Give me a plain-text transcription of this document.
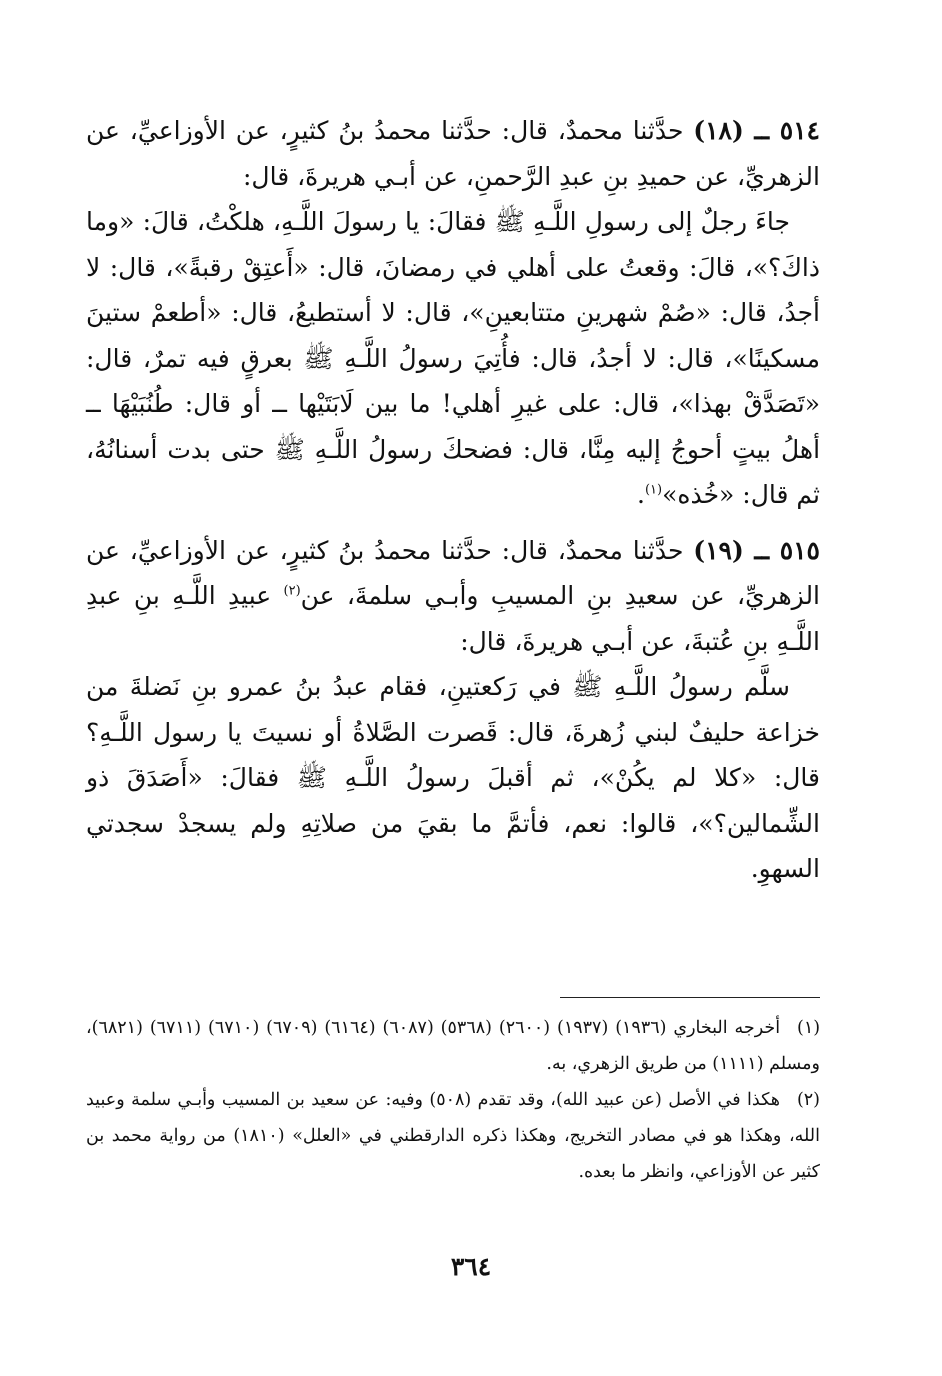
٥١٤ ــ (١٨) حدَّثنا محمدٌ، قال: حدَّثنا محمدُ بنُ كثيرٍ، عن الأوزاعيِّ، عن الزهريِّ، عن حميدِ بنِ عبدِ الرَّحمنِ، عن أبـي هريرةَ، قال:
جاءَ رجلٌ إلى رسولِ اللَّـهِ ﷺ فقالَ: يا رسولَ اللَّـهِ، هلكْتُ، قالَ: «وما ذاكَ؟»، قالَ: وقعتُ على أهلي في رمضانَ، قال: «أَعتِقْ رقبةً»، قال: لا أجدُ، قال: «صُمْ شهرينِ متتابعينِ»، قال: لا أستطيعُ، قال: «أطعمْ ستينَ مسكينًا»، قال: لا أجدُ، قال: فأُتِيَ رسولُ اللَّـهِ ﷺ بعرقٍ فيه تمرٌ، قال: «تَصَدَّقْ بهذا»، قال: على غيرِ أهلي! ما بين لَابَتَيْها ــ أو قال: طُنُبَيْهَا ــ أهلُ بيتٍ أحوجُ إليه مِنَّا، قال: فضحكَ رسولُ اللَّـهِ ﷺ حتى بدت أسنانُهُ، ثم قال: «خُذه»$^{(١)}$.

٥١٥ ــ (١٩) حدَّثنا محمدٌ، قال: حدَّثنا محمدُ بنُ كثيرٍ، عن الأوزاعيِّ، عن الزهريِّ، عن سعيدِ بنِ المسيبِ وأبـي سلمةَ، عن$^{(٢)}$ عبيدِ اللَّـهِ بنِ عبدِ اللَّـهِ بنِ عُتبةَ، عن أبـي هريرةَ، قال:
سلَّم رسولُ اللَّـهِ ﷺ في رَكعتينِ، فقام عبدُ بنُ عمرو بنِ نَضلةَ من خزاعة حليفٌ لبني زُهرةَ، قال: قَصرت الصَّلاةُ أو نسيتَ يا رسول اللَّـهِ؟ قال: «كلا لم يكُنْ»، ثم أقبلَ رسولُ اللَّـهِ ﷺ فقالَ: «أَصَدَقَ ذو الشِّمالين؟»، قالوا: نعم، فأتمَّ ما بقيَ من صلاتِهِ ولم يسجدْ سجدتي السهوِ.

(١)أخرجه البخاري (١٩٣٦) (١٩٣٧) (٢٦٠٠) (٥٣٦٨) (٦٠٨٧) (٦١٦٤) (٦٧٠٩) (٦٧١٠) (٦٧١١) (٦٨٢١)، ومسلم (١١١١) من طريق الزهري، به.

(٢)هكذا في الأصل (عن عبيد الله)، وقد تقدم (٥٠٨) وفيه: عن سعيد بن المسيب وأبـي سلمة وعبيد الله، وهكذا هو في مصادر التخريج، وهكذا ذكره الدارقطني في «العلل» (١٨١٠) من رواية محمد بن كثير عن الأوزاعي، وانظر ما بعده.

٣٦٤
